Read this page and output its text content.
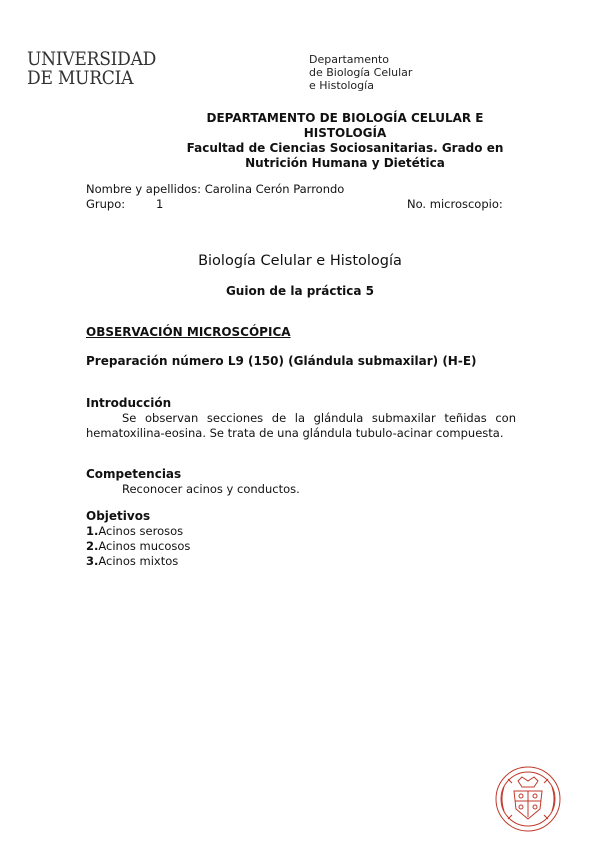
UNIVERSIDAD
DE MURCIA
Departamento
de Biología Celular
e Histología
DEPARTAMENTO DE BIOLOGÍA CELULAR E
HISTOLOGÍA
Facultad de Ciencias Sociosanitarias. Grado en
Nutrición Humana y Dietética
Nombre y apellidos: Carolina Cerón Parrondo
Grupo:	1	No. microscopio:
Biología Celular e Histología
Guion de la práctica 5
OBSERVACIÓN MICROSCÓPICA
Preparación número L9 (150) (Glándula submaxilar) (H-E)
Introducción
Se observan secciones de la glándula submaxilar teñidas con hematoxilina-eosina. Se trata de una glándula tubulo-acinar compuesta.
Competencias
Reconocer acinos y conductos.
Objetivos
1.Acinos serosos
2.Acinos mucosos
3.Acinos mixtos
